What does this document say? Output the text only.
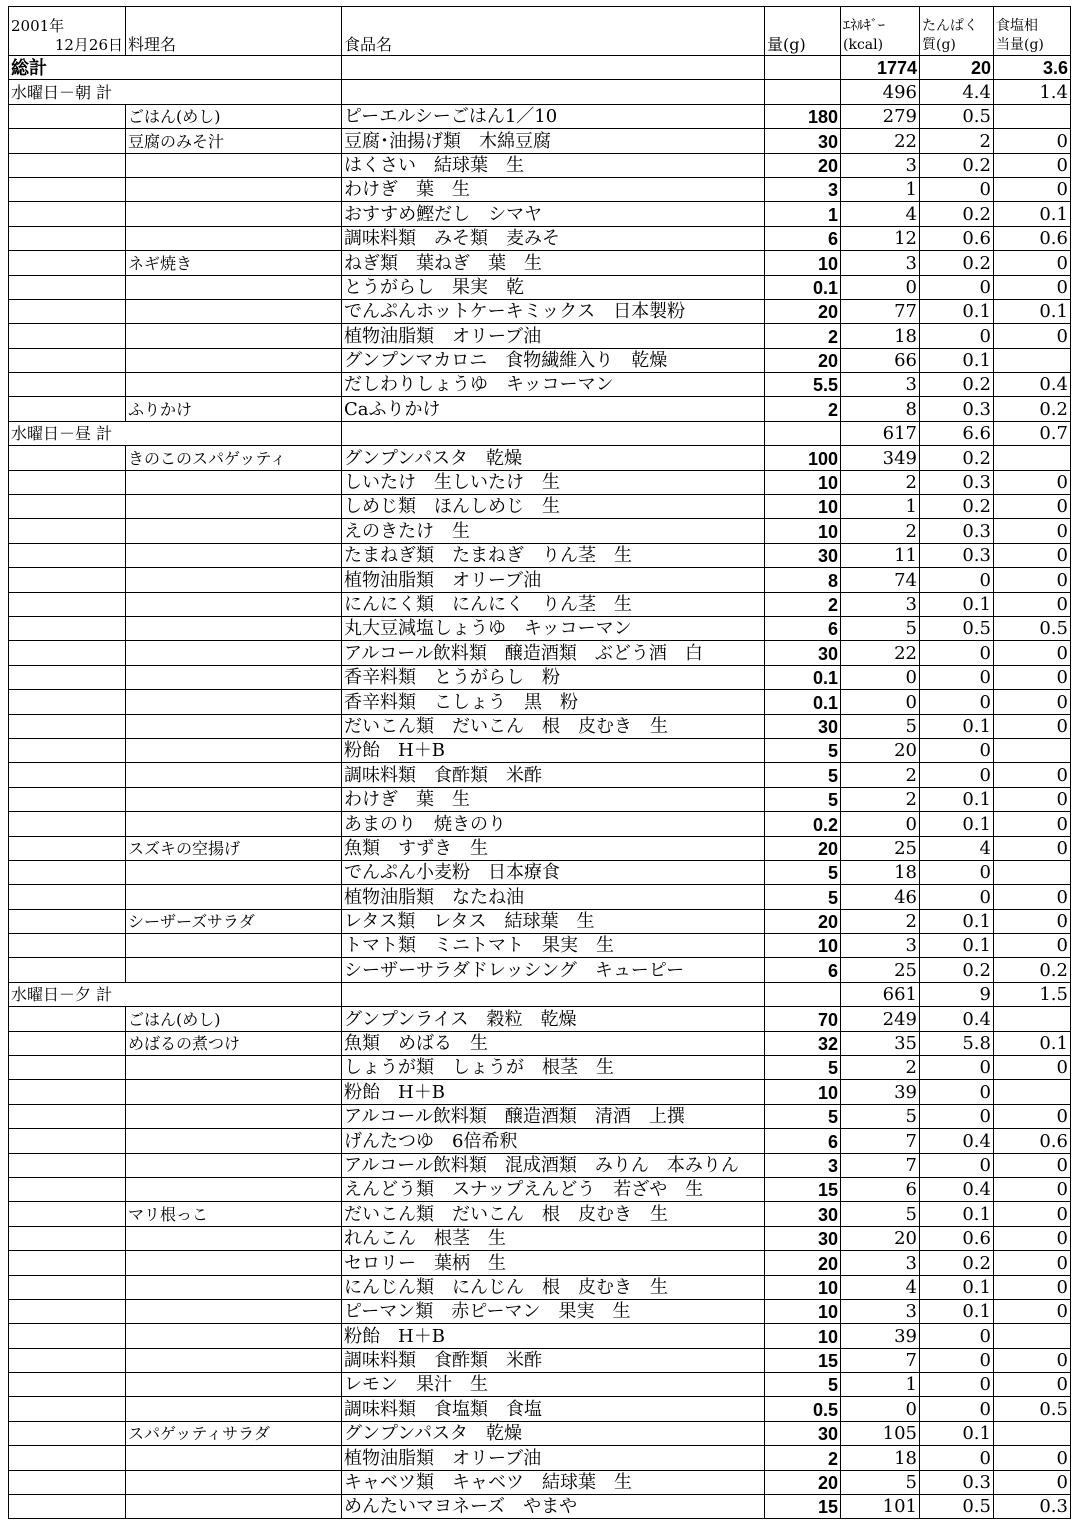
2001年
12月26日	料理名	食品名	量(g)	ｴﾈﾙｷﾞｰ
(kcal)	たんぱく
質(g)	食塩相
当量(g)

総計				1774	20	3.6
水曜日－朝 計				496	4.4	1.4
	ごはん(めし)	ピーエルシーごはん1／10	180	279	0.5	
	豆腐のみそ汁	豆腐･油揚げ類　木綿豆腐	30	22	2	0
		はくさい　結球葉　生	20	3	0.2	0
		わけぎ　葉　生	3	1	0	0
		おすすめ鰹だし　シマヤ	1	4	0.2	0.1
		調味料類　みそ類　麦みそ	6	12	0.6	0.6
	ネギ焼き	ねぎ類　葉ねぎ　葉　生	10	3	0.2	0
		とうがらし　果実　乾	0.1	0	0	0
		でんぷんホットケーキミックス　日本製粉	20	77	0.1	0.1
		植物油脂類　オリーブ油	2	18	0	0
		グンプンマカロニ　食物繊維入り　乾燥	20	66	0.1	
		だしわりしょうゆ　キッコーマン	5.5	3	0.2	0.4
	ふりかけ	Caふりかけ	2	8	0.3	0.2
水曜日－昼 計				617	6.6	0.7
	きのこのスパゲッティ	グンプンパスタ　乾燥	100	349	0.2	
		しいたけ　生しいたけ　生	10	2	0.3	0
		しめじ類　ほんしめじ　生	10	1	0.2	0
		えのきたけ　生	10	2	0.3	0
		たまねぎ類　たまねぎ　りん茎　生	30	11	0.3	0
		植物油脂類　オリーブ油	8	74	0	0
		にんにく類　にんにく　りん茎　生	2	3	0.1	0
		丸大豆減塩しょうゆ　キッコーマン	6	5	0.5	0.5
		アルコール飲料類　醸造酒類　ぶどう酒　白	30	22	0	0
		香辛料類　とうがらし　粉	0.1	0	0	0
		香辛料類　こしょう　黒　粉	0.1	0	0	0
		だいこん類　だいこん　根　皮むき　生	30	5	0.1	0
		粉飴　H＋B	5	20	0	
		調味料類　食酢類　米酢	5	2	0	0
		わけぎ　葉　生	5	2	0.1	0
		あまのり　焼きのり	0.2	0	0.1	0
	スズキの空揚げ	魚類　すずき　生	20	25	4	0
		でんぷん小麦粉　日本療食	5	18	0	
		植物油脂類　なたね油	5	46	0	0
	シーザーズサラダ	レタス類　レタス　結球葉　生	20	2	0.1	0
		トマト類　ミニトマト　果実　生	10	3	0.1	0
		シーザーサラダドレッシング　キューピー	6	25	0.2	0.2
水曜日－夕 計				661	9	1.5
	ごはん(めし)	グンプンライス　穀粒　乾燥	70	249	0.4	
	めばるの煮つけ	魚類　めばる　生	32	35	5.8	0.1
		しょうが類　しょうが　根茎　生	5	2	0	0
		粉飴　H＋B	10	39	0	
		アルコール飲料類　醸造酒類　清酒　上撰	5	5	0	0
		げんたつゆ　6倍希釈	6	7	0.4	0.6
		アルコール飲料類　混成酒類　みりん　本みりん	3	7	0	0
		えんどう類　スナップえんどう　若ざや　生	15	6	0.4	0
	マリ根っこ	だいこん類　だいこん　根　皮むき　生	30	5	0.1	0
		れんこん　根茎　生	30	20	0.6	0
		セロリー　葉柄　生	20	3	0.2	0
		にんじん類　にんじん　根　皮むき　生	10	4	0.1	0
		ピーマン類　赤ピーマン　果実　生	10	3	0.1	0
		粉飴　H＋B	10	39	0	
		調味料類　食酢類　米酢	15	7	0	0
		レモン　果汁　生	5	1	0	0
		調味料類　食塩類　食塩	0.5	0	0	0.5
	スパゲッティサラダ	グンプンパスタ　乾燥	30	105	0.1	
		植物油脂類　オリーブ油	2	18	0	0
		キャベツ類　キャベツ　結球葉　生	20	5	0.3	0
		めんたいマヨネーズ　やまや	15	101	0.5	0.3
